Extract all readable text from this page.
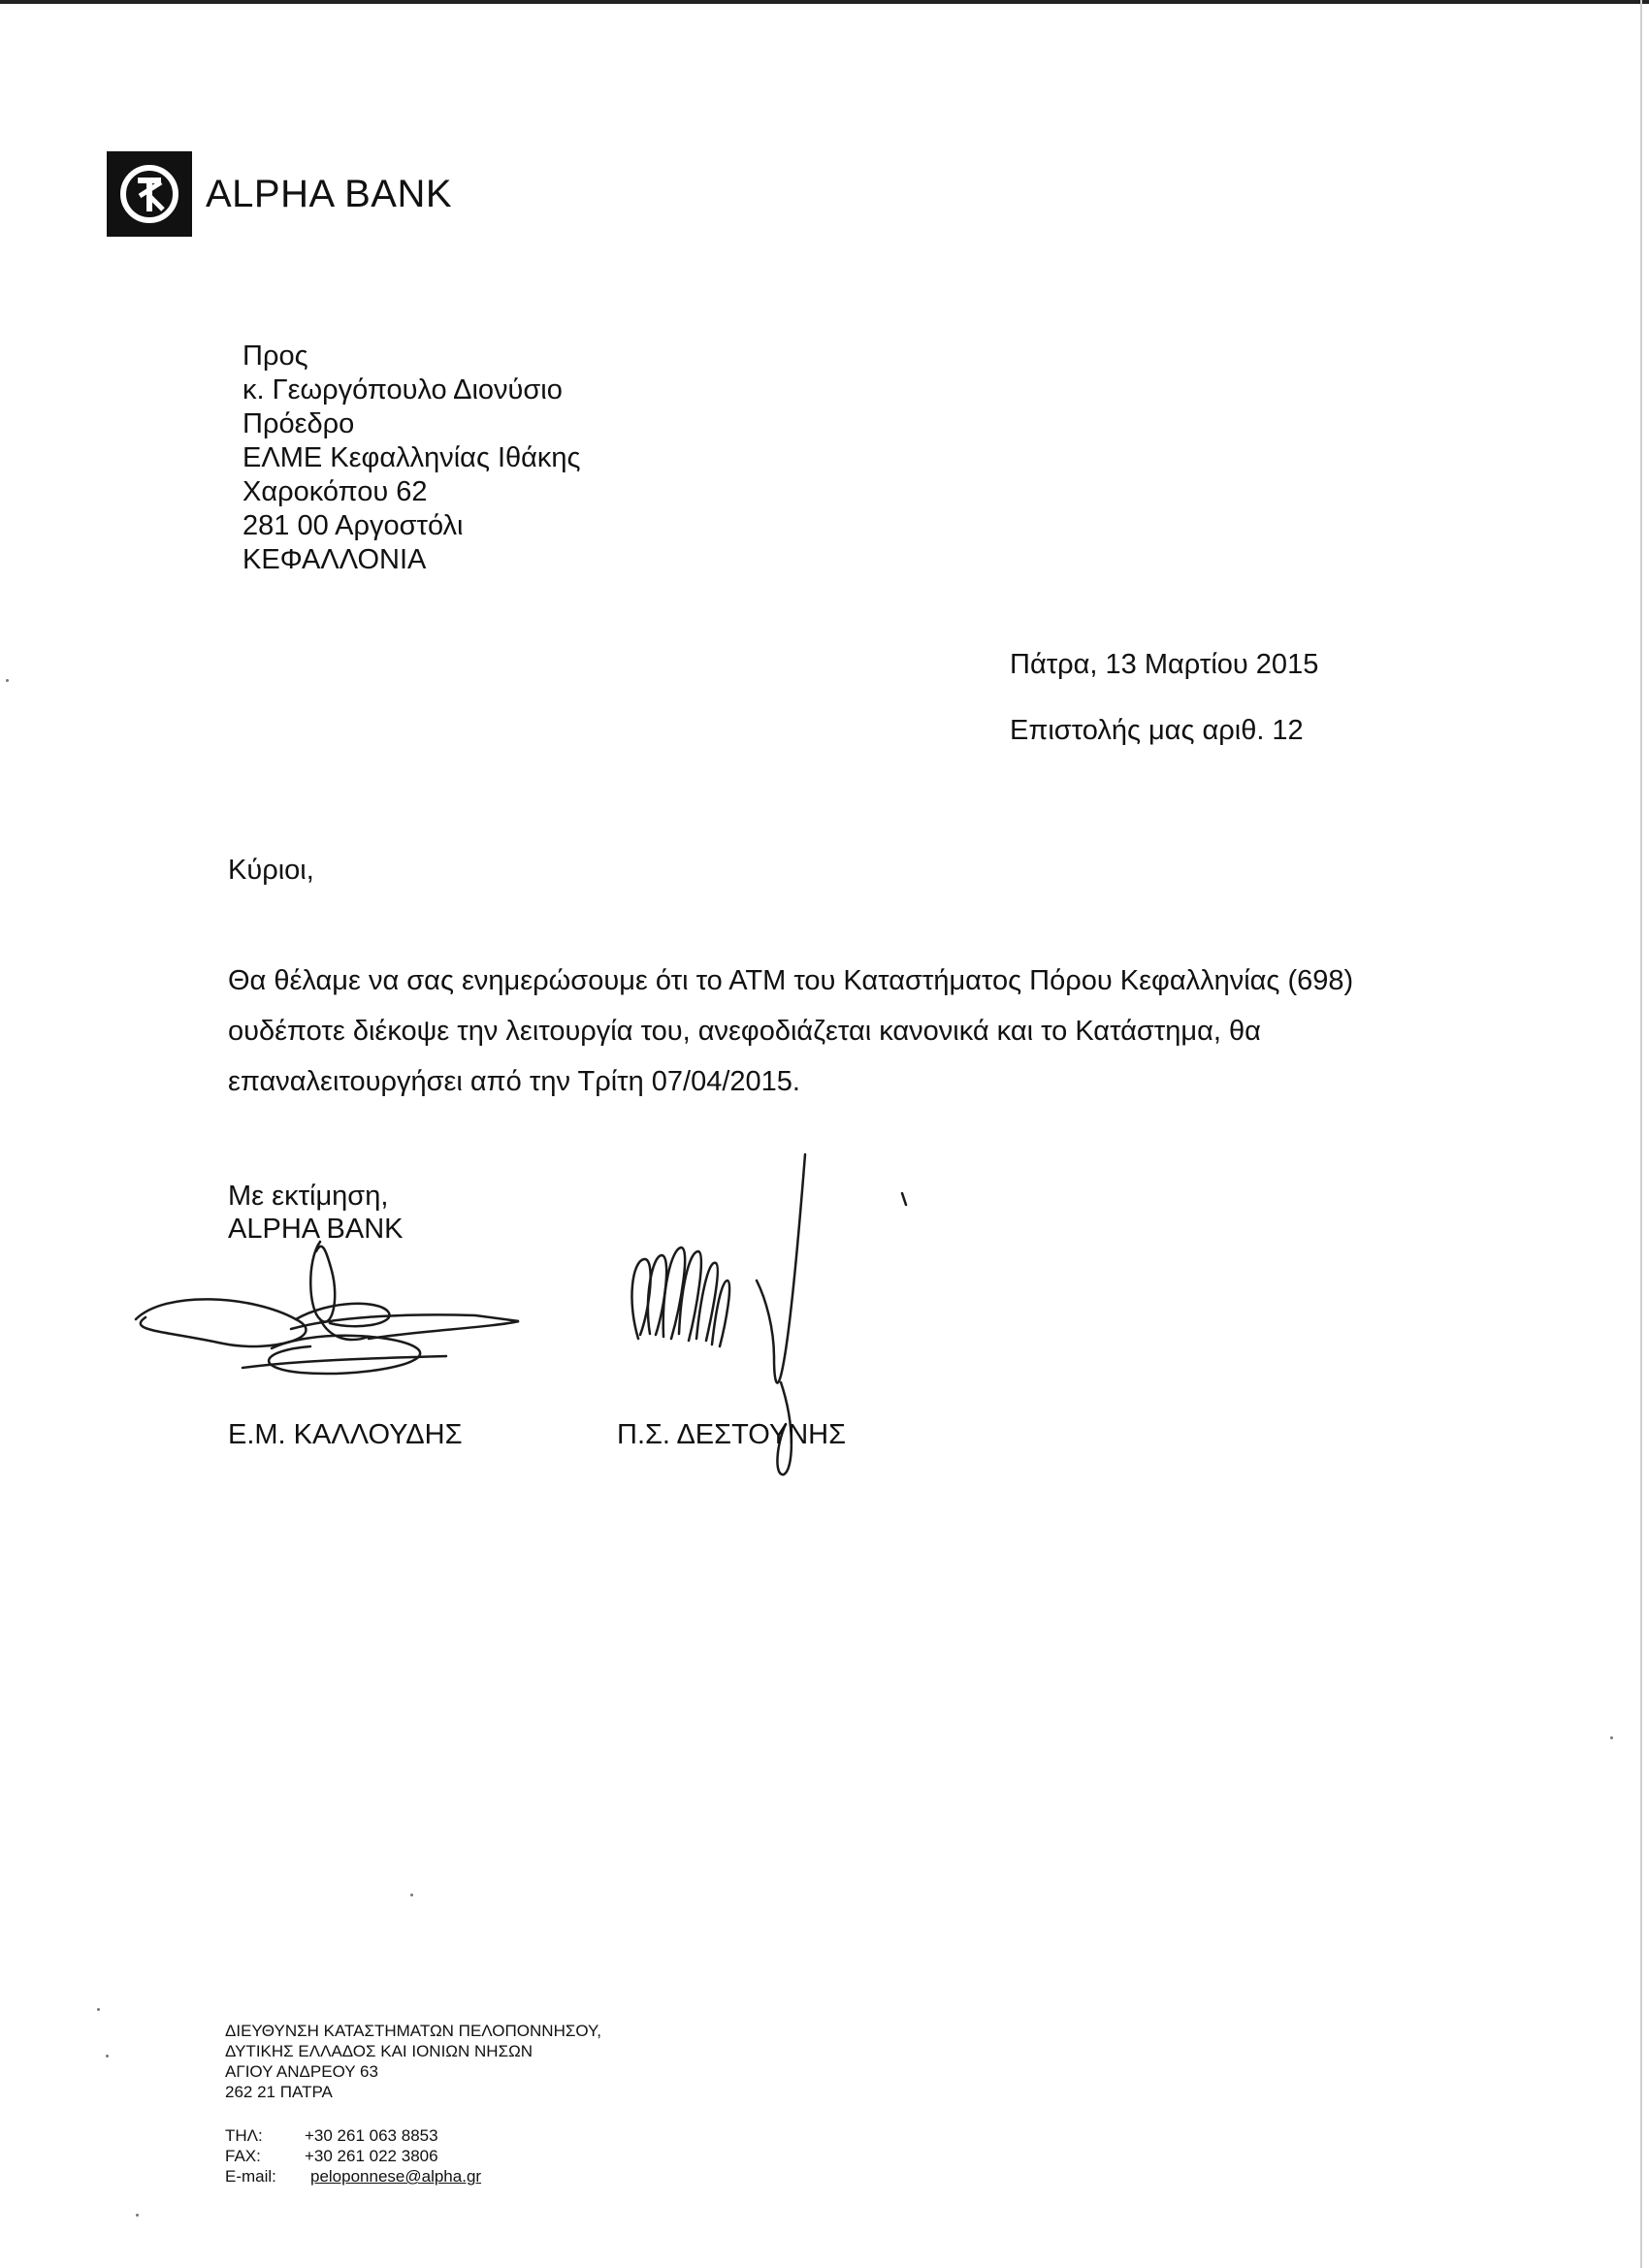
ALPHA BANK
Προς
κ. Γεωργόπουλο Διονύσιο
Πρόεδρο
ΕΛΜΕ Κεφαλληνίας Ιθάκης
Χαροκόπου 62
281 00 Αργοστόλι
ΚΕΦΑΛΛΟΝΙΑ
Πάτρα, 13 Μαρτίου 2015
Επιστολής μας αριθ. 12
Κύριοι,
Θα θέλαμε να σας ενημερώσουμε ότι το ΑΤΜ του Καταστήματος Πόρου Κεφαλληνίας (698)
ουδέποτε διέκοψε την λειτουργία του, ανεφοδιάζεται κανονικά και το Κατάστημα, θα
επαναλειτουργήσει από την Τρίτη 07/04/2015.
Με εκτίμηση,
ALPHA BANK
Ε.Μ. ΚΑΛΛΟΥΔΗΣ	Π.Σ. ΔΕΣΤΟΥΝΗΣ
ΔΙΕΥΘΥΝΣΗ ΚΑΤΑΣΤΗΜΑΤΩΝ ΠΕΛΟΠΟΝΝΗΣΟΥ,
ΔΥΤΙΚΗΣ ΕΛΛΑΔΟΣ ΚΑΙ ΙΟΝΙΩΝ ΝΗΣΩΝ
ΑΓΙΟΥ ΑΝΔΡΕΟΥ 63
262 21 ΠΑΤΡΑ
ΤΗΛ:	+30 261 063 8853
FAX:	+30 261 022 3806
E-mail:	peloponnese@alpha.gr
